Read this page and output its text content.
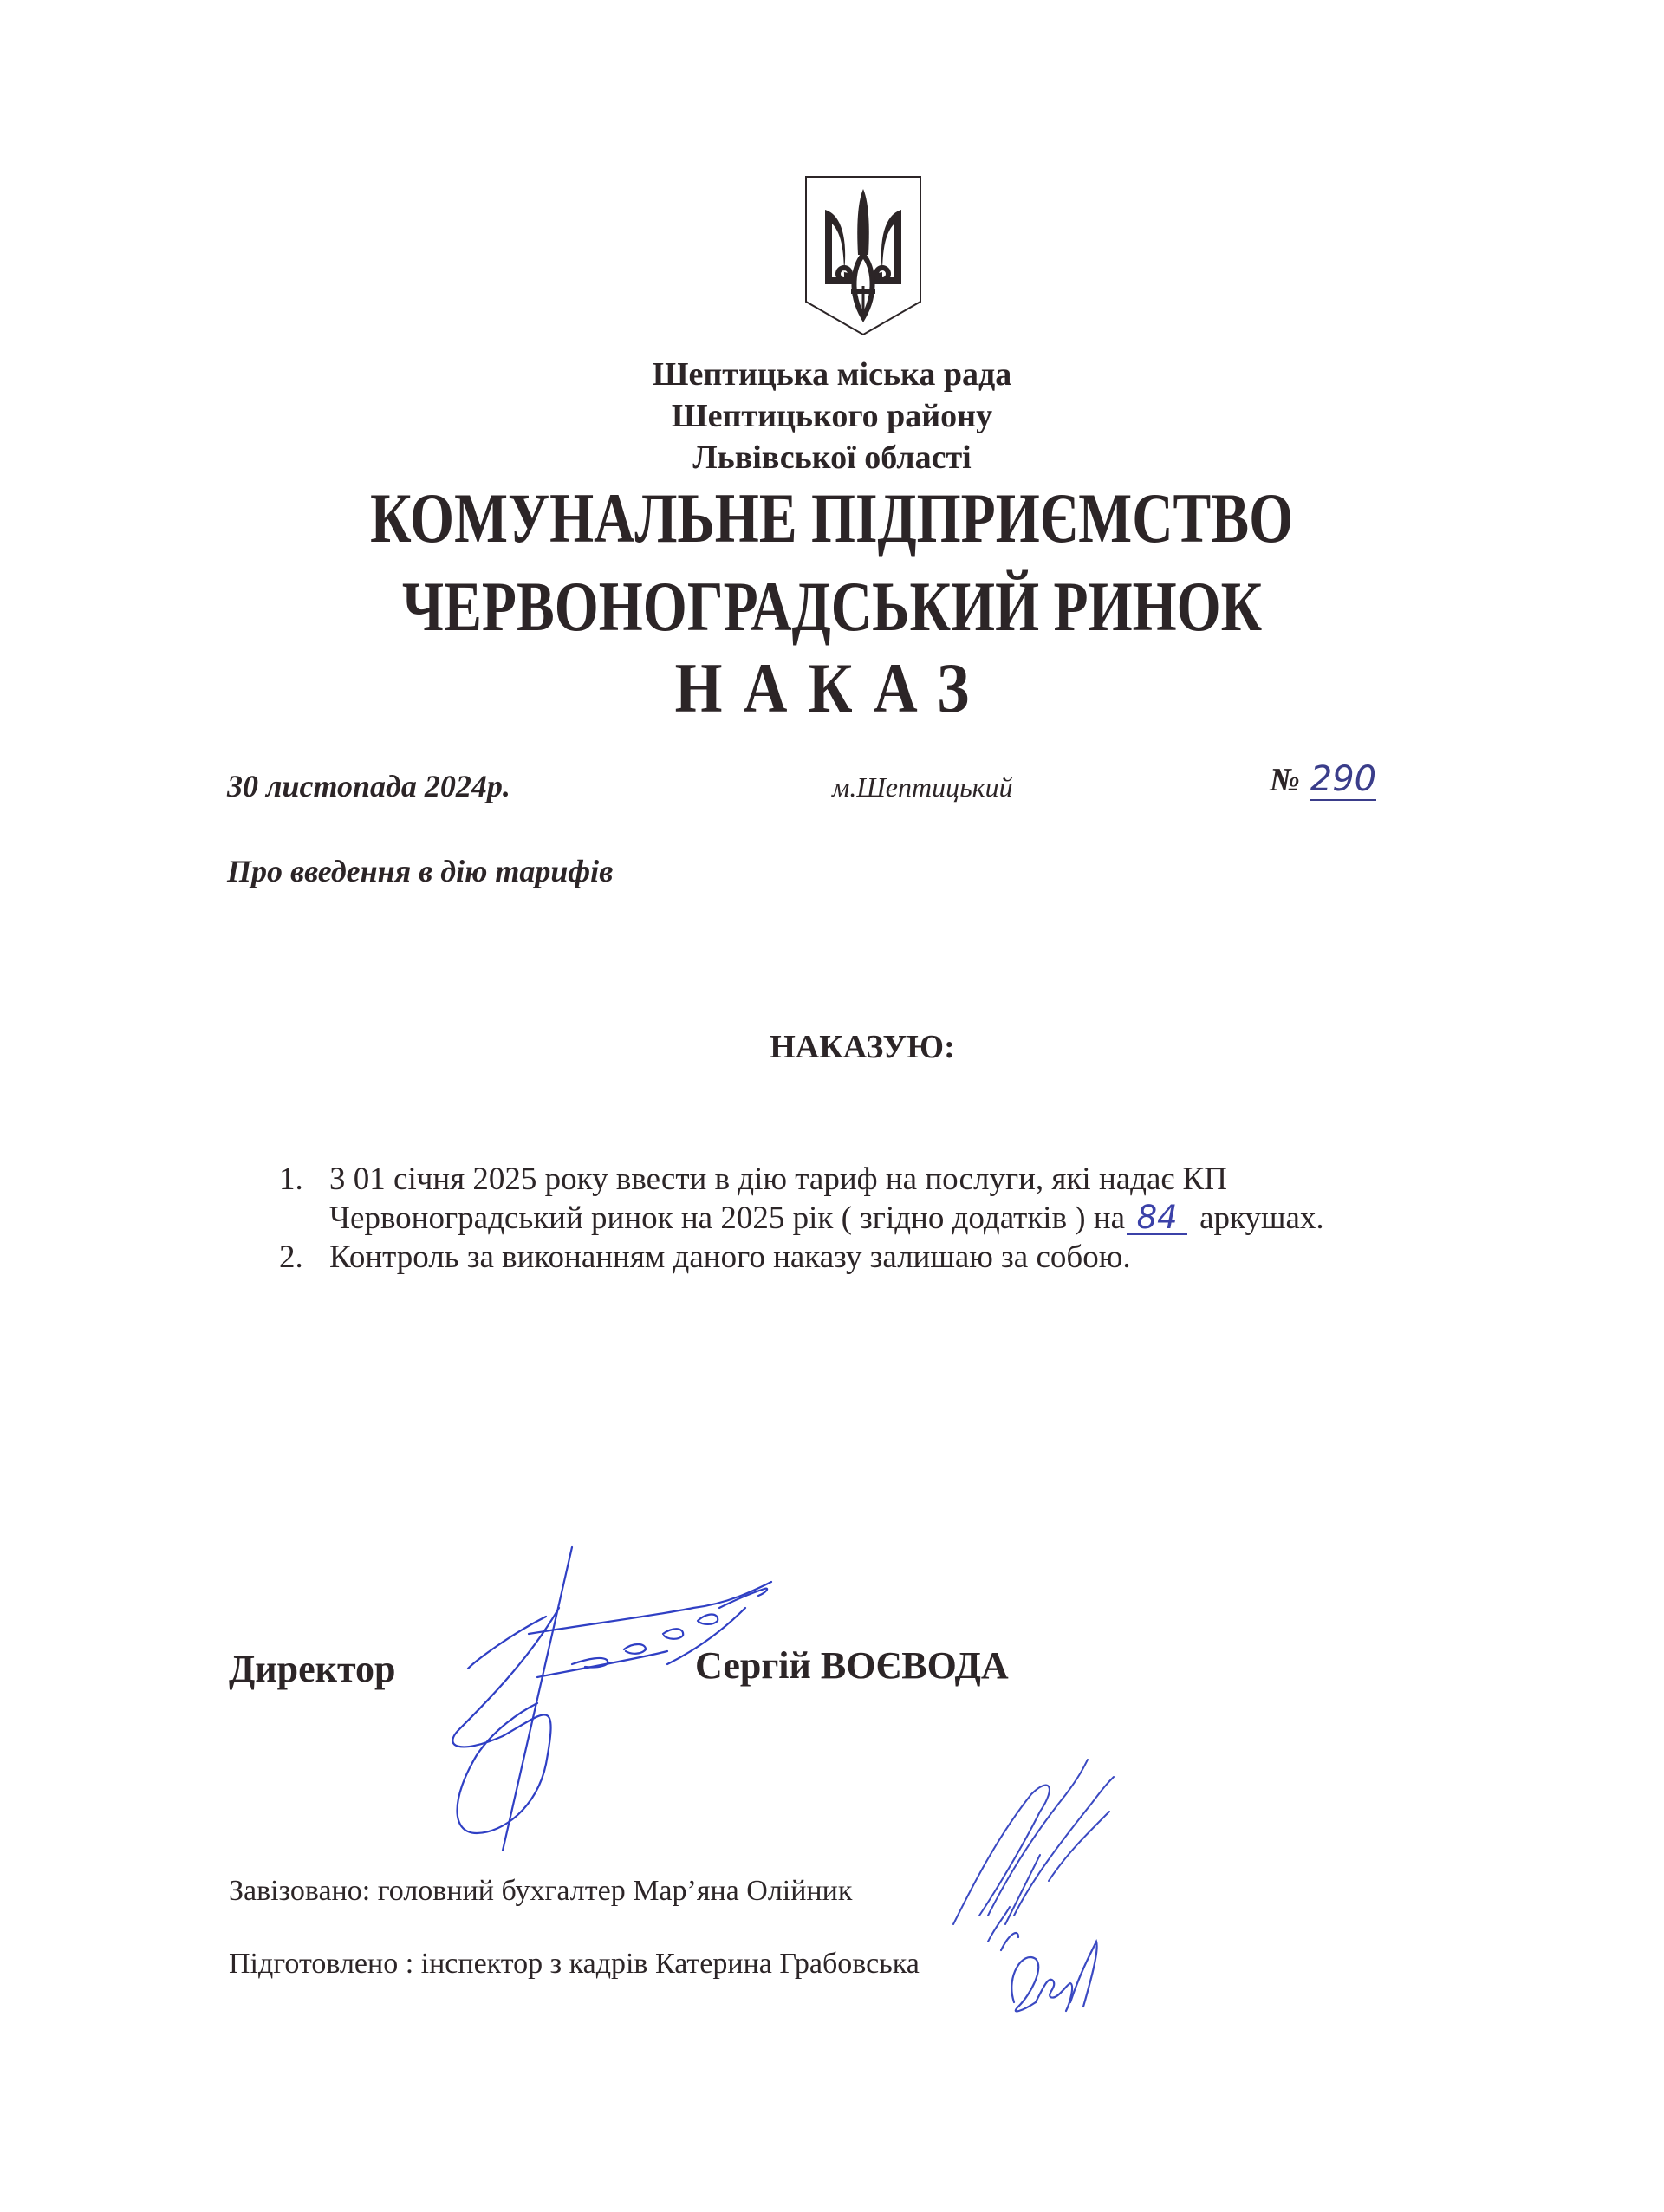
Шептицька міська рада
Шептицького району
Львівської області
КОМУНАЛЬНЕ ПІДПРИЄМСТВО
ЧЕРВОНОГРАДСЬКИЙ РИНОК
НАКАЗ
30 листопада 2024р.	м.Шептицький	№ 290
Про введення в дію тарифів
НАКАЗУЮ:
1. З 01 січня 2025 року ввести в дію тариф на послуги, які надає КП
Червоноградський ринок на 2025 рік ( згідно додатків ) на 84 аркушах.
2. Контроль за виконанням даного наказу залишаю за собою.
Директор	Сергій ВОЄВОДА
Завізовано: головний бухгалтер Мар’яна Олійник
Підготовлено : інспектор з кадрів Катерина Грабовська
